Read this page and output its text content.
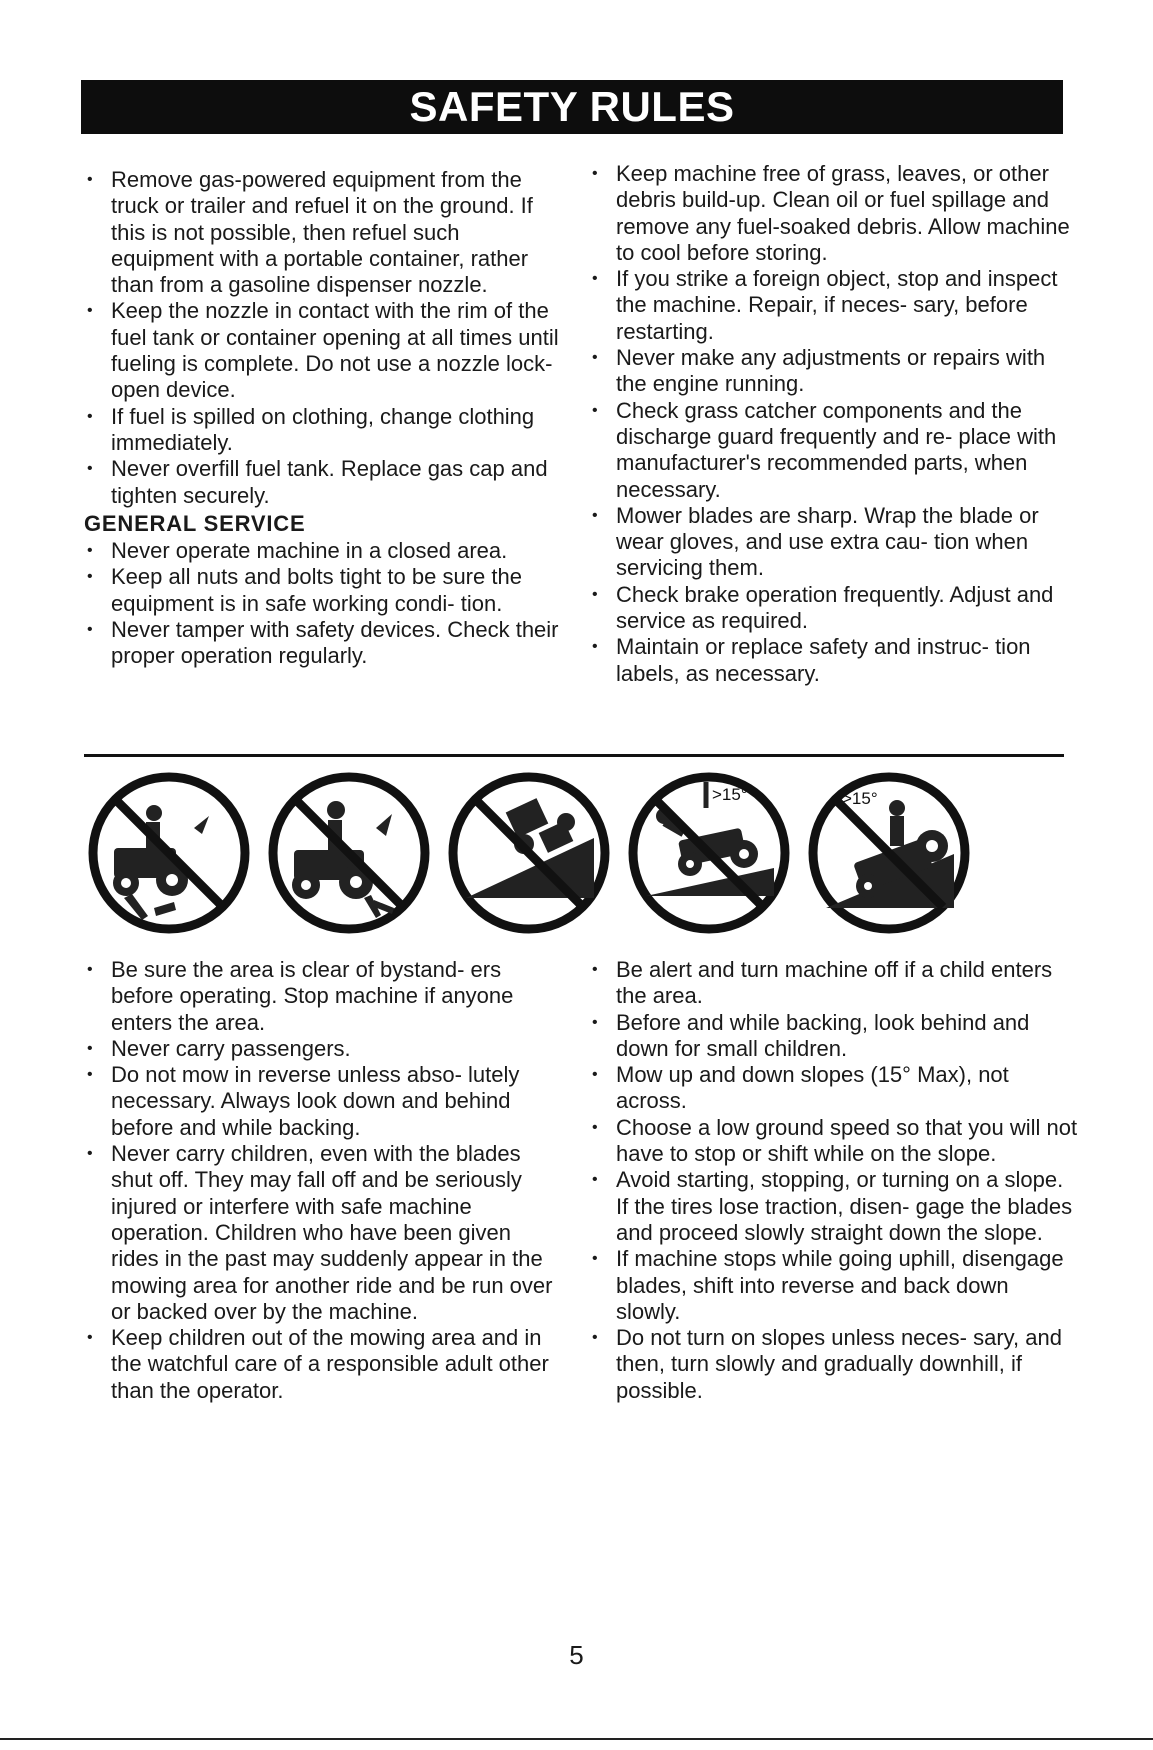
SAFETY RULES
• Remove gas-powered equipment from the truck or trailer and refuel it on the ground. If this is not possible, then refuel such equipment with a portable container, rather than from a gasoline dispenser nozzle.
• Keep the nozzle in contact with the rim of the fuel tank or container opening at all times until fueling is complete. Do not use a nozzle lock-open device.
• If fuel is spilled on clothing, change clothing immediately.
• Never overfill fuel tank. Replace gas cap and tighten securely.
GENERAL SERVICE
• Never operate machine in a closed area.
• Keep all nuts and bolts tight to be sure the equipment is in safe working condi- tion.
• Never tamper with safety devices. Check their proper operation regularly.
• Keep machine free of grass, leaves, or other debris build-up. Clean oil or fuel spillage and remove any fuel-soaked debris. Allow machine to cool before storing.
• If you strike a foreign object, stop and inspect the machine. Repair, if neces- sary, before restarting.
• Never make any adjustments or repairs with the engine running.
• Check grass catcher components and the discharge guard frequently and re- place with manufacturer's recommended parts, when necessary.
• Mower blades are sharp. Wrap the blade or wear gloves, and use extra cau- tion when servicing them.
• Check brake operation frequently. Adjust and service as required.
• Maintain or replace safety and instruc- tion labels, as necessary.
>15°	>15°
• Be sure the area is clear of bystand- ers before operating. Stop machine if anyone enters the area.
• Never carry passengers.
• Do not mow in reverse unless abso- lutely necessary. Always look down and behind before and while backing.
• Never carry children, even with the blades shut off. They may fall off and be seriously injured or interfere with safe machine operation. Children who have been given rides in the past may suddenly appear in the mowing area for another ride and be run over or backed over by the machine.
• Keep children out of the mowing area and in the watchful care of a responsible adult other than the operator.
• Be alert and turn machine off if a child enters the area.
• Before and while backing, look behind and down for small children.
• Mow up and down slopes (15° Max), not across.
• Choose a low ground speed so that you will not have to stop or shift while on the slope.
• Avoid starting, stopping, or turning on a slope. If the tires lose traction, disen- gage the blades and proceed slowly straight down the slope.
• If machine stops while going uphill, disengage blades, shift into reverse and back down slowly.
• Do not turn on slopes unless neces- sary, and then, turn slowly and gradually downhill, if possible.
5
